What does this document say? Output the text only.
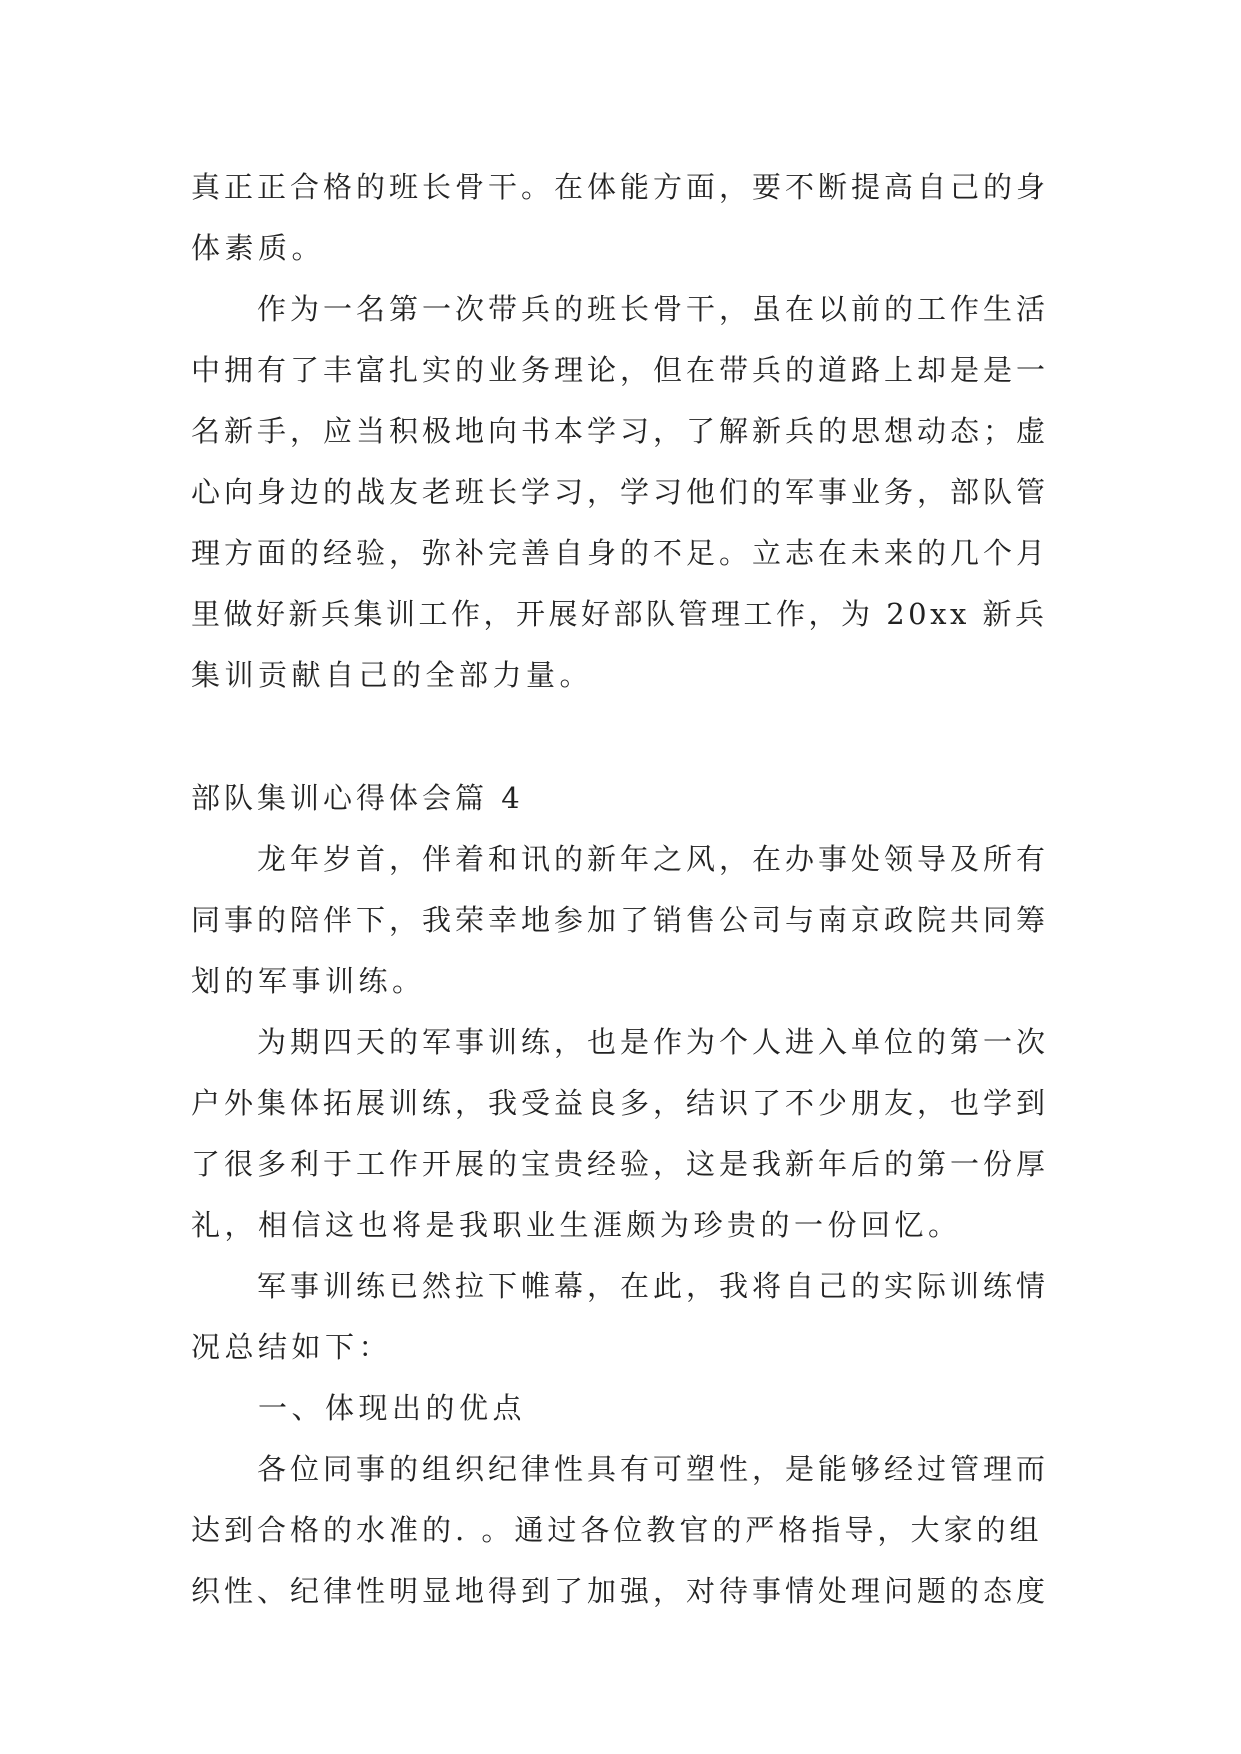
真正正合格的班长骨干。在体能方面，要不断提高自己的身
体素质。
　　作为一名第一次带兵的班长骨干，虽在以前的工作生活
中拥有了丰富扎实的业务理论，但在带兵的道路上却是是一
名新手，应当积极地向书本学习，了解新兵的思想动态；虚
心向身边的战友老班长学习，学习他们的军事业务，部队管
理方面的经验，弥补完善自身的不足。立志在未来的几个月
里做好新兵集训工作，开展好部队管理工作，为 20xx 新兵
集训贡献自己的全部力量。
部队集训心得体会篇 4
　　龙年岁首，伴着和讯的新年之风，在办事处领导及所有
同事的陪伴下，我荣幸地参加了销售公司与南京政院共同筹
划的军事训练。
　　为期四天的军事训练，也是作为个人进入单位的第一次
户外集体拓展训练，我受益良多，结识了不少朋友，也学到
了很多利于工作开展的宝贵经验，这是我新年后的第一份厚
礼，相信这也将是我职业生涯颇为珍贵的一份回忆。
　　军事训练已然拉下帷幕，在此，我将自己的实际训练情
况总结如下：
　　一、体现出的优点
　　各位同事的组织纪律性具有可塑性，是能够经过管理而
达到合格的水准的. 。通过各位教官的严格指导，大家的组
织性、纪律性明显地得到了加强，对待事情处理问题的态度
